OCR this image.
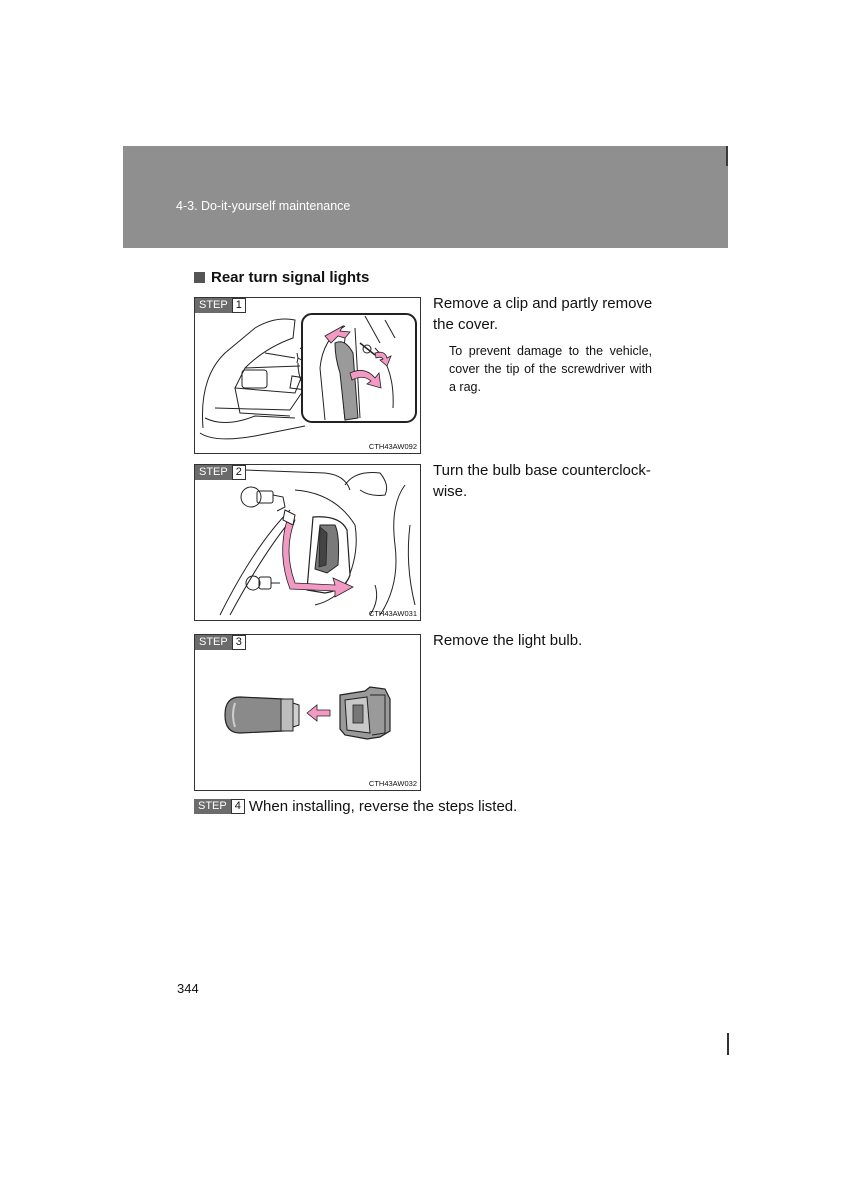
4-3. Do-it-yourself maintenance
Rear turn signal lights
STEP 1
CTH43AW092
Remove a clip and partly remove the cover.
To prevent damage to the vehicle, cover the tip of the screwdriver with a rag.
STEP 2
CTH43AW031
Turn the bulb base counterclock-wise.
STEP 3
CTH43AW032
Remove the light bulb.
STEP 4 When installing, reverse the steps listed.
344
